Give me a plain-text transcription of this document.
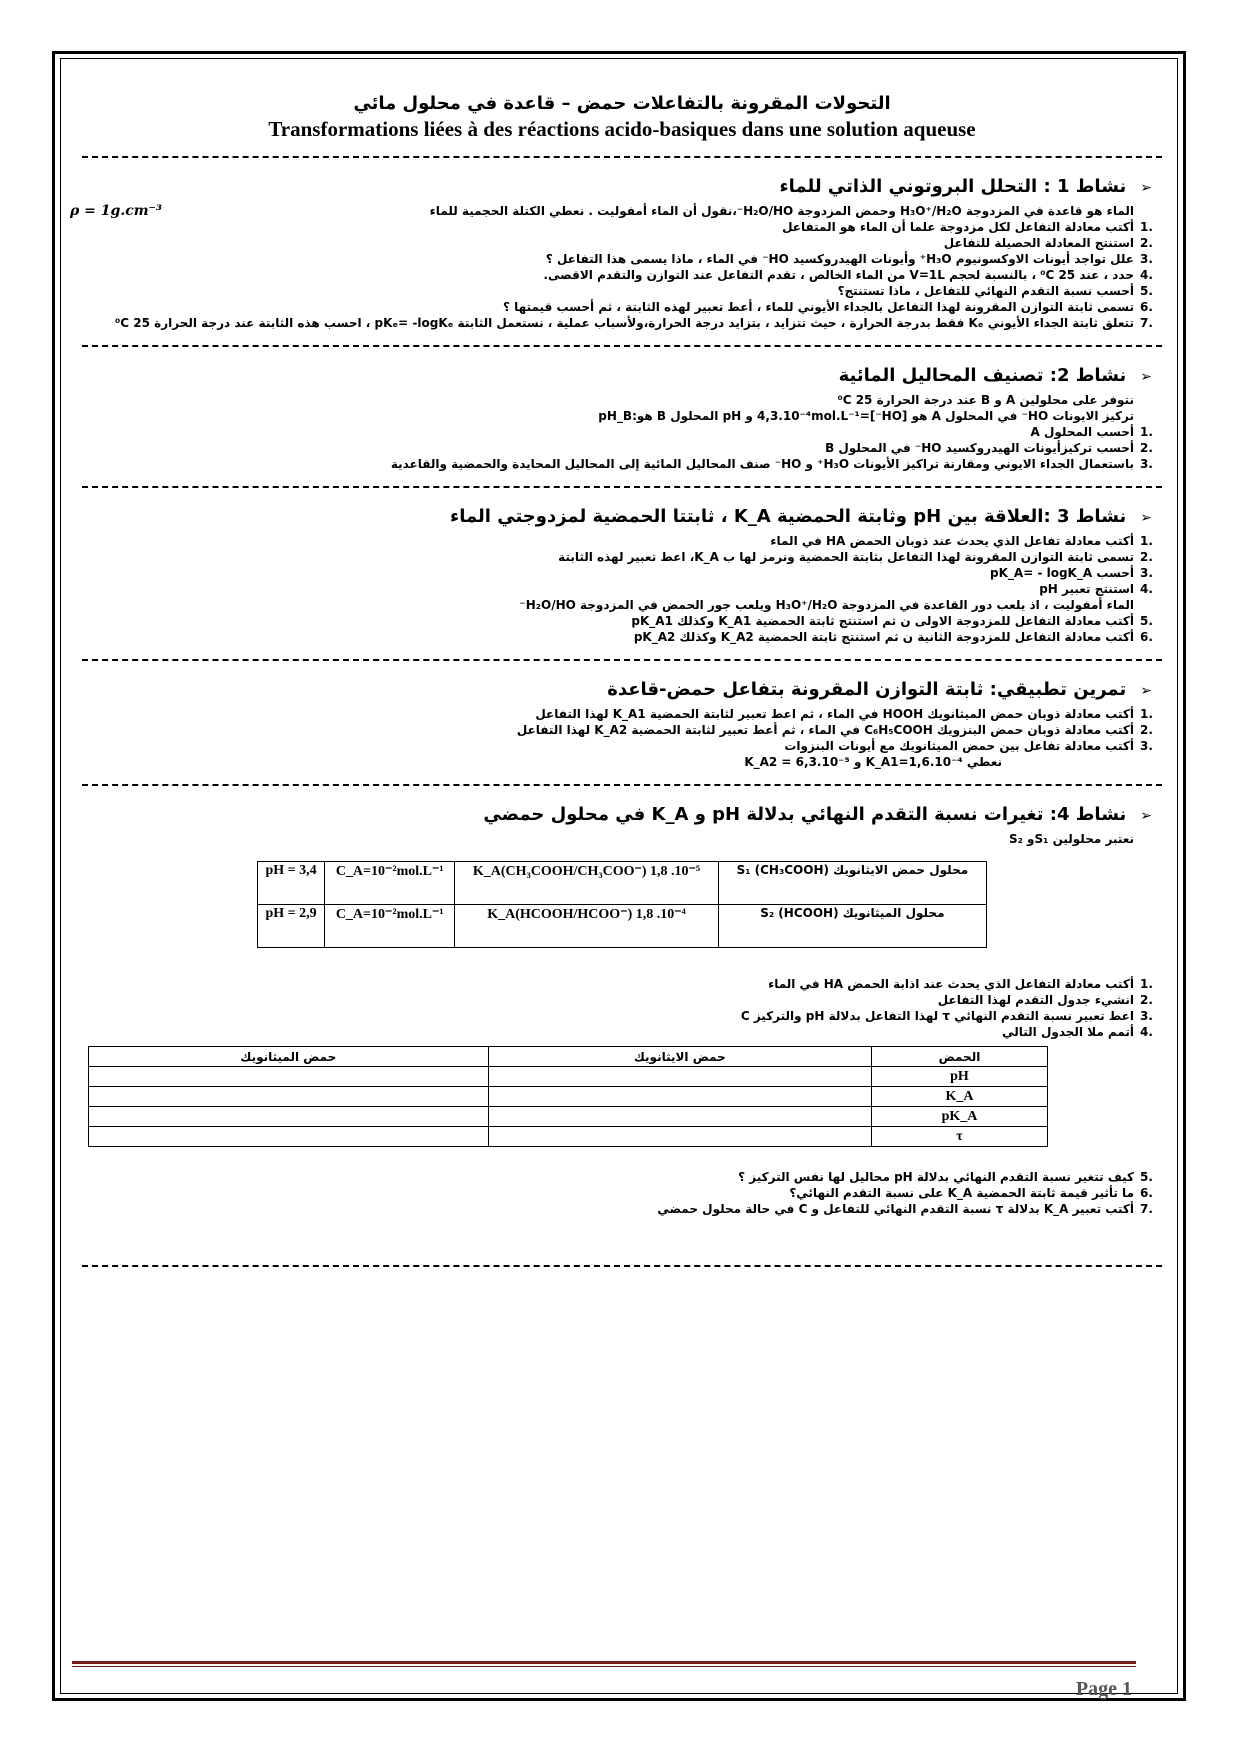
التحولات المقرونة بالتفاعلات حمض – قاعدة في محلول مائي
Transformations liées à des réactions acido-basiques dans une solution aqueuse
➢نشاط 1 : التحلل البروتوني الذاتي للماء
الماء هو قاعدة في المزدوجة H₃O⁺/H₂O وحمض المزدوجة H₂O/HO⁻،نقول أن الماء أمفوليت . نعطي الكتلة الحجمية للماء
ρ = 1g.cm⁻³
.1
أكتب معادلة التفاعل لكل مزدوجة علما أن الماء هو المتفاعل
.2
استنتج المعادلة الحصيلة للتفاعل
.3
علل تواجد أيونات الاوكسونيوم H₃O⁺ وأيونات الهيدروكسيد HO⁻ في الماء ، ماذا يسمى هذا التفاعل ؟
.4
حدد ، عند 25 ⁰C ، بالنسبة لحجم V=1L من الماء الخالص ، تقدم التفاعل عند التوازن والتقدم الاقصى.
.5
أحسب نسبة التقدم النهائي للتفاعل ، ماذا تستنتج؟
.6
تسمى ثابتة التوازن المقرونة لهذا التفاعل بالجداء الأيوني للماء ، أعط تعبير لهذه الثابتة ، ثم أحسب قيمتها ؟
.7
تتعلق ثابتة الجداء الأيوني Kₑ فقط بدرجة الحرارة ، حيث تتزايد ، بتزايد درجة الحرارة،ولأسباب عملية ، نستعمل الثابتة pKₑ= -logKₑ ، احسب هذه الثابتة عند درجة الحرارة 25 ⁰C
➢نشاط 2: تصنيف المحاليل المائية
نتوفر على محلولين A و B عند درجة الحرارة 25 ⁰C
تركيز الايونات HO⁻ في المحلول A هو [HO⁻]=4,3.10⁻⁴mol.L⁻¹ و pH المحلول B هو:pH_B
.1
أحسب المحلول A
.2
أحسب تركيزأيونات الهيدروكسيد HO⁻ في المحلول B
.3
باستعمال الجداء الايوني ومقارنة تراكيز الأيونات H₃O⁺ و HO⁻ صنف المحاليل المائية إلى المحاليل المحايدة والحمضية والقاعدية
➢نشاط 3 :العلاقة بين pH وثابتة الحمضية K_A ، ثابتتا الحمضية لمزدوجتي الماء
.1
أكتب معادلة تفاعل الذي يحدث عند ذوبان الحمض HA في الماء
.2
تسمى ثابتة التوازن المقرونة لهذا التفاعل بثابتة الحمضية ونرمز لها ب K_A، اعط تعبير لهذه الثابتة
.3
أحسب pK_A= - logK_A
.4
استنتج تعبير pH
الماء أمفوليت ، اذ يلعب دور القاعدة في المزدوجة H₃O⁺/H₂O ويلعب جور الحمض في المزدوجة H₂O/HO⁻
.5
أكتب معادلة التفاعل للمزدوجة الاولى ن ثم استنتج ثابتة الحمضية K_A1 وكذلك pK_A1
.6
أكتب معادلة التفاعل للمزدوجة الثانية ن ثم استنتج ثابتة الحمضية K_A2 وكذلك pK_A2
➢تمرين تطبيقي: ثابتة التوازن المقرونة بتفاعل حمض-قاعدة
.1
أكتب معادلة ذوبان حمض الميثانويك HOOH في الماء ، ثم اعط تعبير لثابتة الحمضية K_A1 لهذا التفاعل
.2
أكتب معادلة ذوبان حمض البنزويك C₆H₅COOH في الماء ، ثم أعط تعبير لثابتة الحمضية K_A2 لهذا التفاعل
.3
أكتب معادلة تفاعل بين حمض الميثانويك مع أيونات البنزوات
نعطي K_A1=1,6.10⁻⁴ و K_A2 = 6,3.10⁻⁵
➢نشاط 4: تغيرات نسبة التقدم النهائي بدلالة pH و K_A في محلول حمضي
نعتبر محلولين S₁و S₂
محلول حمض الايثانويك S₁ (CH₃COOH)	K_A(CH₃COOH/CH₃COO⁻) 1,8 .10⁻⁵	C_A=10⁻²mol.L⁻¹	pH = 3,4
محلول الميثانويك S₂ (HCOOH)	K_A(HCOOH/HCOO⁻) 1,8 .10⁻⁴	C_A=10⁻²mol.L⁻¹	pH = 2,9
.1
أكتب معادلة التفاعل الذي يحدث عند اذابة الحمض HA في الماء
.2
انشيء جدول التقدم لهذا التفاعل
.3
اعط تعبير نسبة التقدم النهائي τ لهذا التفاعل بدلالة pH والتركيز C
.4
أتمم ملا الجدول التالي
الحمض	حمض الايثانويك	حمض الميثانويك
pH		
K_A		
pK_A		
τ		
.5
كيف تتغير نسبة التقدم النهائي بدلالة pH محاليل لها نفس التركيز ؟
.6
ما تأثير قيمة ثابتة الحمضية K_A على نسبة التقدم النهائي؟
.7
أكتب تعبير K_A بدلالة τ نسبة التقدم النهائي للتفاعل و C في حالة محلول حمضي
Page 1
